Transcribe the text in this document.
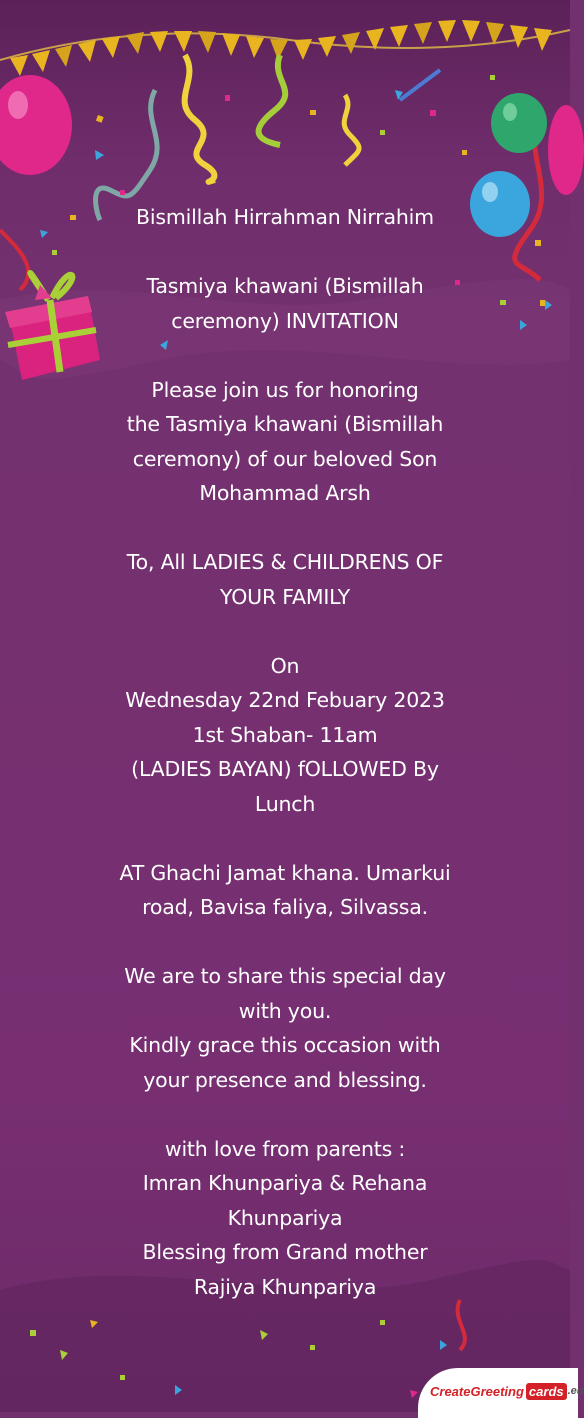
Bismillah Hirrahman Nirrahim
Tasmiya khawani (Bismillah
ceremony) INVITATION
Please join us for honoring
the Tasmiya khawani (Bismillah
ceremony) of our beloved Son
Mohammad Arsh
To, All LADIES & CHILDRENS OF
YOUR FAMILY
On
Wednesday 22nd Febuary 2023
1st Shaban- 11am
(LADIES BAYAN) fOLLOWED By
Lunch
AT Ghachi Jamat khana. Umarkui
road, Bavisa faliya, Silvassa.
We are to share this special day
with you.
Kindly grace this occasion with
your presence and blessing.
with love from parents :
Imran Khunpariya & Rehana
Khunpariya
Blessing from Grand mother
Rajiya Khunpariya
CreateGreeting cards .eu
